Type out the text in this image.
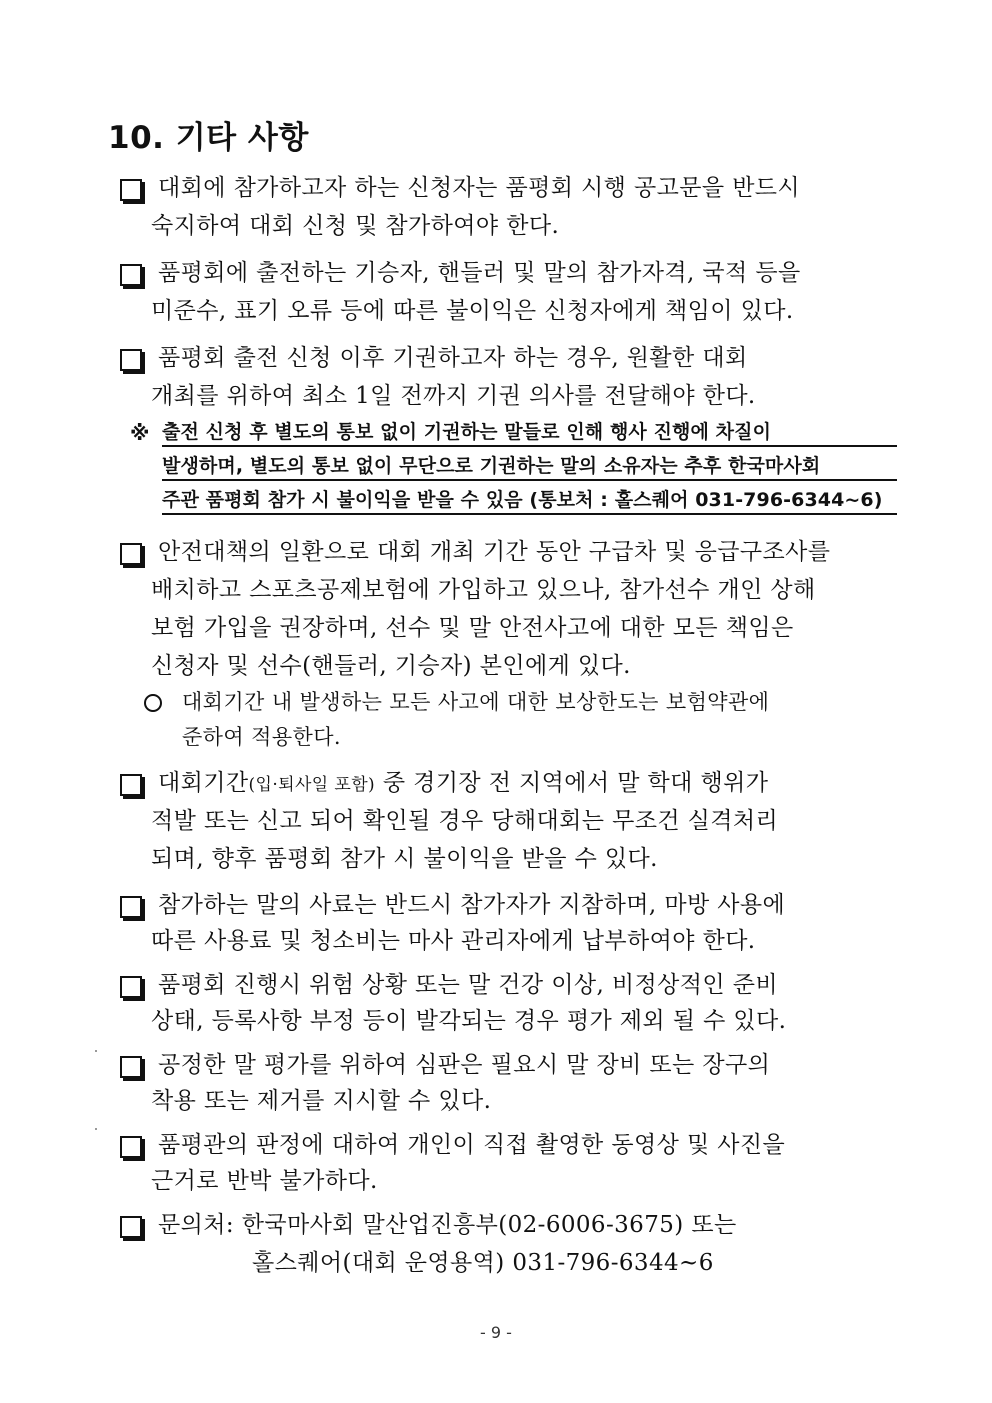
10. 기타 사항
대회에 참가하고자 하는 신청자는 품평회 시행 공고문을 반드시
숙지하여 대회 신청 및 참가하여야 한다.
품평회에 출전하는 기승자, 핸들러 및 말의 참가자격, 국적 등을
미준수, 표기 오류 등에 따른 불이익은 신청자에게 책임이 있다.
품평회 출전 신청 이후 기권하고자 하는 경우, 원활한 대회
개최를 위하여 최소 1일 전까지 기권 의사를 전달해야 한다.
※ 출전 신청 후 별도의 통보 없이 기권하는 말들로 인해 행사 진행에 차질이
발생하며, 별도의 통보 없이 무단으로 기권하는 말의 소유자는 추후 한국마사회
주관 품평회 참가 시 불이익을 받을 수 있음 (통보처 : 홀스퀘어 031-796-6344~6)
안전대책의 일환으로 대회 개최 기간 동안 구급차 및 응급구조사를
배치하고 스포츠공제보험에 가입하고 있으나, 참가선수 개인 상해
보험 가입을 권장하며, 선수 및 말 안전사고에 대한 모든 책임은
신청자 및 선수(핸들러, 기승자) 본인에게 있다.
대회기간 내 발생하는 모든 사고에 대한 보상한도는 보험약관에
준하여 적용한다.
대회기간(입·퇴사일 포함) 중 경기장 전 지역에서 말 학대 행위가
적발 또는 신고 되어 확인될 경우 당해대회는 무조건 실격처리
되며, 향후 품평회 참가 시 불이익을 받을 수 있다.
참가하는 말의 사료는 반드시 참가자가 지참하며, 마방 사용에
따른 사용료 및 청소비는 마사 관리자에게 납부하여야 한다.
품평회 진행시 위험 상황 또는 말 건강 이상, 비정상적인 준비
상태, 등록사항 부정 등이 발각되는 경우 평가 제외 될 수 있다.
공정한 말 평가를 위하여 심판은 필요시 말 장비 또는 장구의
착용 또는 제거를 지시할 수 있다.
품평관의 판정에 대하여 개인이 직접 촬영한 동영상 및 사진을
근거로 반박 불가하다.
문의처: 한국마사회 말산업진흥부(02-6006-3675) 또는
홀스퀘어(대회 운영용역) 031-796-6344~6
- 9 -
